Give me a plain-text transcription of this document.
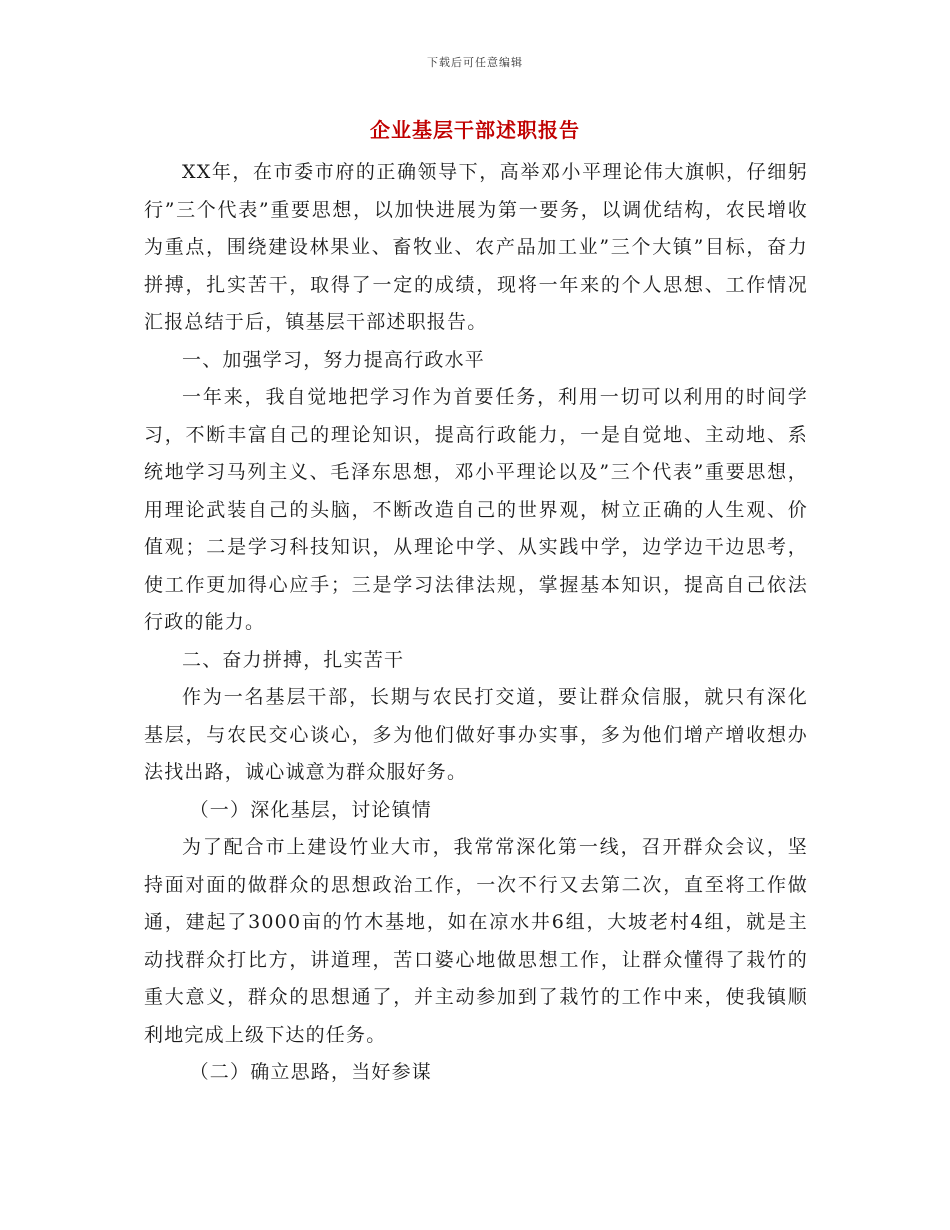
下载后可任意编辑
企业基层干部述职报告

XX年，在市委市府的正确领导下，高举邓小平理论伟大旗帜，仔细躬行”三个代表”重要思想，以加快进展为第一要务，以调优结构，农民增收为重点，围绕建设林果业、畜牧业、农产品加工业”三个大镇”目标，奋力拼搏，扎实苦干，取得了一定的成绩，现将一年来的个人思想、工作情况汇报总结于后，镇基层干部述职报告。

一、加强学习，努力提高行政水平

一年来，我自觉地把学习作为首要任务，利用一切可以利用的时间学习，不断丰富自己的理论知识，提高行政能力，一是自觉地、主动地、系统地学习马列主义、毛泽东思想，邓小平理论以及”三个代表”重要思想，用理论武装自己的头脑，不断改造自己的世界观，树立正确的人生观、价值观；二是学习科技知识，从理论中学、从实践中学，边学边干边思考，使工作更加得心应手；三是学习法律法规，掌握基本知识，提高自己依法行政的能力。

二、奋力拼搏，扎实苦干

作为一名基层干部，长期与农民打交道，要让群众信服，就只有深化基层，与农民交心谈心，多为他们做好事办实事，多为他们增产增收想办法找出路，诚心诚意为群众服好务。

（一）深化基层，讨论镇情

为了配合市上建设竹业大市，我常常深化第一线，召开群众会议，坚持面对面的做群众的思想政治工作，一次不行又去第二次，直至将工作做通，建起了3000亩的竹木基地，如在凉水井6组，大坡老村4组，就是主动找群众打比方，讲道理，苦口婆心地做思想工作，让群众懂得了栽竹的重大意义，群众的思想通了，并主动参加到了栽竹的工作中来，使我镇顺利地完成上级下达的任务。

（二）确立思路，当好参谋
